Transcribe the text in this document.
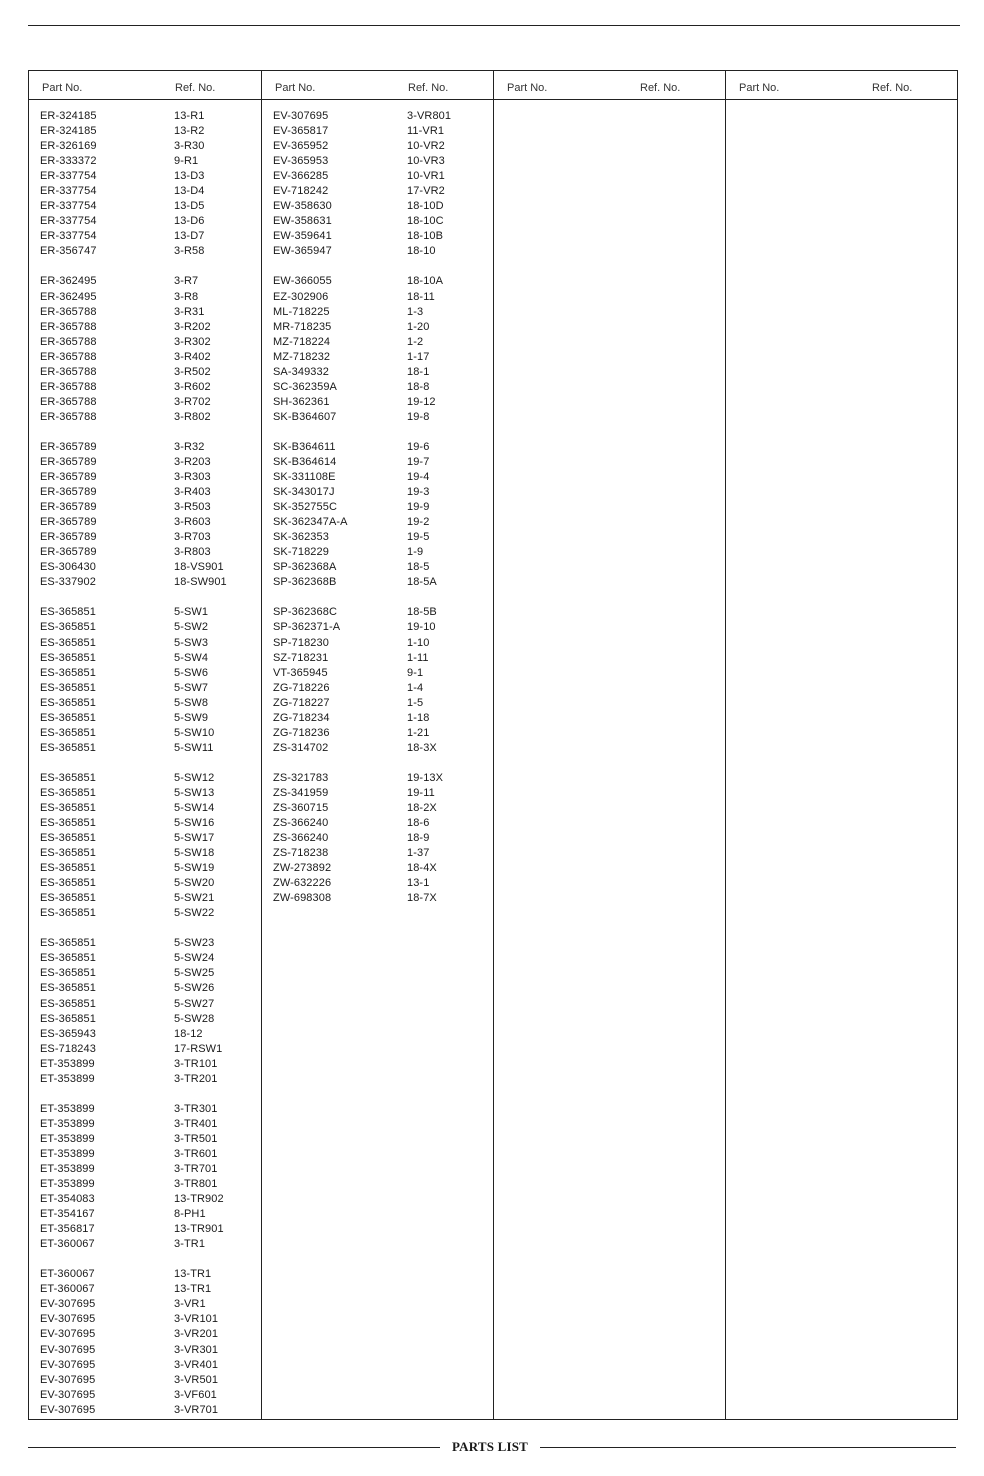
Part No.	Ref. No.
ER-324185	13-R1
ER-324185	13-R2
ER-326169	3-R30
ER-333372	9-R1
ER-337754	13-D3
ER-337754	13-D4
ER-337754	13-D5
ER-337754	13-D6
ER-337754	13-D7
ER-356747	3-R58
ER-362495	3-R7
ER-362495	3-R8
ER-365788	3-R31
ER-365788	3-R202
ER-365788	3-R302
ER-365788	3-R402
ER-365788	3-R502
ER-365788	3-R602
ER-365788	3-R702
ER-365788	3-R802
ER-365789	3-R32
ER-365789	3-R203
ER-365789	3-R303
ER-365789	3-R403
ER-365789	3-R503
ER-365789	3-R603
ER-365789	3-R703
ER-365789	3-R803
ES-306430	18-VS901
ES-337902	18-SW901
ES-365851	5-SW1
ES-365851	5-SW2
ES-365851	5-SW3
ES-365851	5-SW4
ES-365851	5-SW6
ES-365851	5-SW7
ES-365851	5-SW8
ES-365851	5-SW9
ES-365851	5-SW10
ES-365851	5-SW11
ES-365851	5-SW12
ES-365851	5-SW13
ES-365851	5-SW14
ES-365851	5-SW16
ES-365851	5-SW17
ES-365851	5-SW18
ES-365851	5-SW19
ES-365851	5-SW20
ES-365851	5-SW21
ES-365851	5-SW22
ES-365851	5-SW23
ES-365851	5-SW24
ES-365851	5-SW25
ES-365851	5-SW26
ES-365851	5-SW27
ES-365851	5-SW28
ES-365943	18-12
ES-718243	17-RSW1
ET-353899	3-TR101
ET-353899	3-TR201
ET-353899	3-TR301
ET-353899	3-TR401
ET-353899	3-TR501
ET-353899	3-TR601
ET-353899	3-TR701
ET-353899	3-TR801
ET-354083	13-TR902
ET-354167	8-PH1
ET-356817	13-TR901
ET-360067	3-TR1
ET-360067	13-TR1
ET-360067	13-TR1
EV-307695	3-VR1
EV-307695	3-VR101
EV-307695	3-VR201
EV-307695	3-VR301
EV-307695	3-VR401
EV-307695	3-VR501
EV-307695	3-VF601
EV-307695	3-VR701
Part No.	Ref. No.
EV-307695	3-VR801
EV-365817	11-VR1
EV-365952	10-VR2
EV-365953	10-VR3
EV-366285	10-VR1
EV-718242	17-VR2
EW-358630	18-10D
EW-358631	18-10C
EW-359641	18-10B
EW-365947	18-10
EW-366055	18-10A
EZ-302906	18-11
ML-718225	1-3
MR-718235	1-20
MZ-718224	1-2
MZ-718232	1-17
SA-349332	18-1
SC-362359A	18-8
SH-362361	19-12
SK-B364607	19-8
SK-B364611	19-6
SK-B364614	19-7
SK-331108E	19-4
SK-343017J	19-3
SK-352755C	19-9
SK-362347A-A	19-2
SK-362353	19-5
SK-718229	1-9
SP-362368A	18-5
SP-362368B	18-5A
SP-362368C	18-5B
SP-362371-A	19-10
SP-718230	1-10
SZ-718231	1-11
VT-365945	9-1
ZG-718226	1-4
ZG-718227	1-5
ZG-718234	1-18
ZG-718236	1-21
ZS-314702	18-3X
ZS-321783	19-13X
ZS-341959	19-11
ZS-360715	18-2X
ZS-366240	18-6
ZS-366240	18-9
ZS-718238	1-37
ZW-273892	18-4X
ZW-632226	13-1
ZW-698308	18-7X
Part No.	Ref. No.	Part No.	Ref. No.
PARTS LIST
